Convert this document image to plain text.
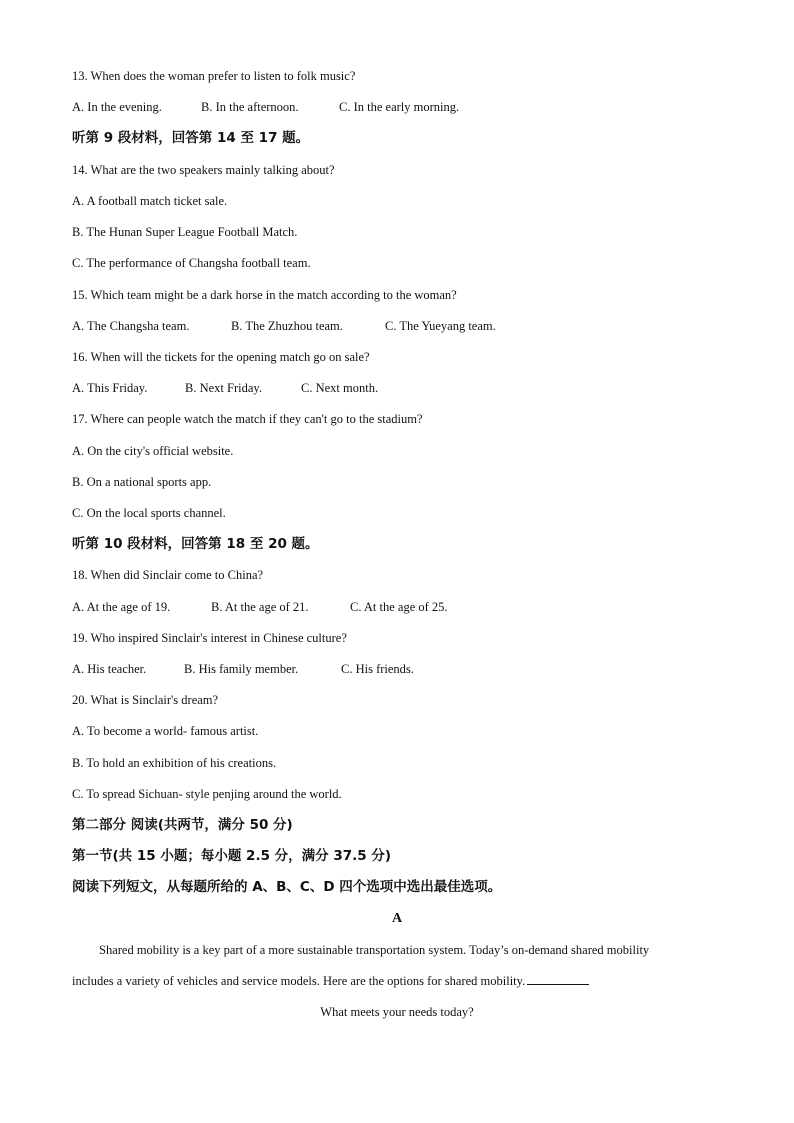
13. When does the woman prefer to listen to folk music?
A. In the evening.	B. In the afternoon.	C. In the early morning.
听第 9 段材料，回答第 14 至 17 题。
14. What are the two speakers mainly talking about?
A. A football match ticket sale.
B. The Hunan Super League Football Match.
C. The performance of Changsha football team.
15. Which team might be a dark horse in the match according to the woman?
A. The Changsha team.	B. The Zhuzhou team.	C. The Yueyang team.
16. When will the tickets for the opening match go on sale?
A. This Friday.	B. Next Friday.	C. Next month.
17. Where can people watch the match if they can't go to the stadium?
A. On the city's official website.
B. On a national sports app.
C. On the local sports channel.
听第 10 段材料，回答第 18 至 20 题。
18. When did Sinclair come to China?
A. At the age of 19.	B. At the age of 21.	C. At the age of 25.
19. Who inspired Sinclair's interest in Chinese culture?
A. His teacher.	B. His family member.	C. His friends.
20. What is Sinclair's dream?
A. To become a world- famous artist.
B. To hold an exhibition of his creations.
C. To spread Sichuan- style penjing around the world.
第二部分 阅读(共两节，满分 50 分)
第一节(共 15 小题；每小题 2.5 分，满分 37.5 分)
阅读下列短文，从每题所给的 A、B、C、D 四个选项中选出最佳选项。
A
Shared mobility is a key part of a more sustainable transportation system. Today’s on-demand shared mobility
includes a variety of vehicles and service models. Here are the options for shared mobility.
What meets your needs today?
